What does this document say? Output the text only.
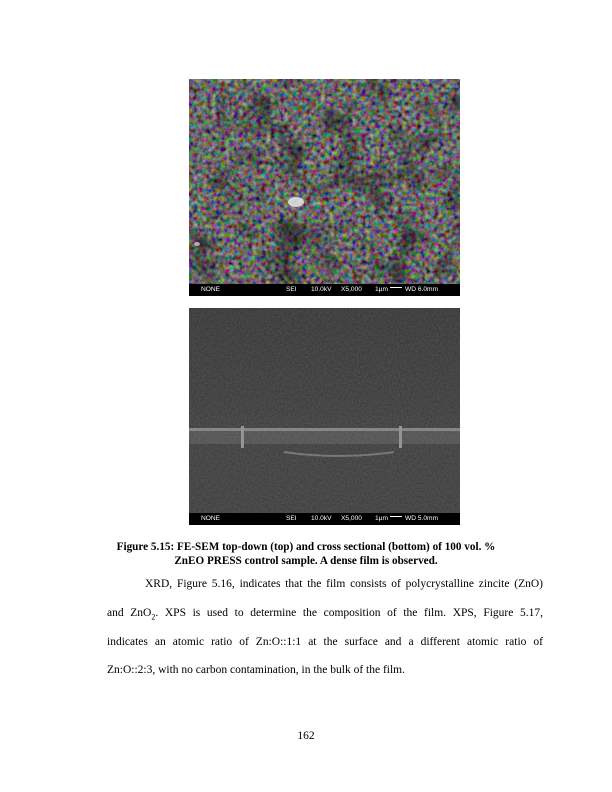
NONE	SEI 10.0kV X5,000 1µm	WD 6.0mm
NONE	SEI 10.0kV X5,000 1µm	WD 5.0mm
Figure 5.15: FE-SEM top-down (top) and cross sectional (bottom) of 100 vol. %
ZnEO PRESS control sample. A dense film is observed.
XRD, Figure 5.16, indicates that the film consists of polycrystalline zincite (ZnO)
and ZnO$_2$. XPS is used to determine the composition of the film. XPS, Figure 5.17,
indicates an atomic ratio of Zn:O::1:1 at the surface and a different atomic ratio of
Zn:O::2:3, with no carbon contamination, in the bulk of the film.
162
